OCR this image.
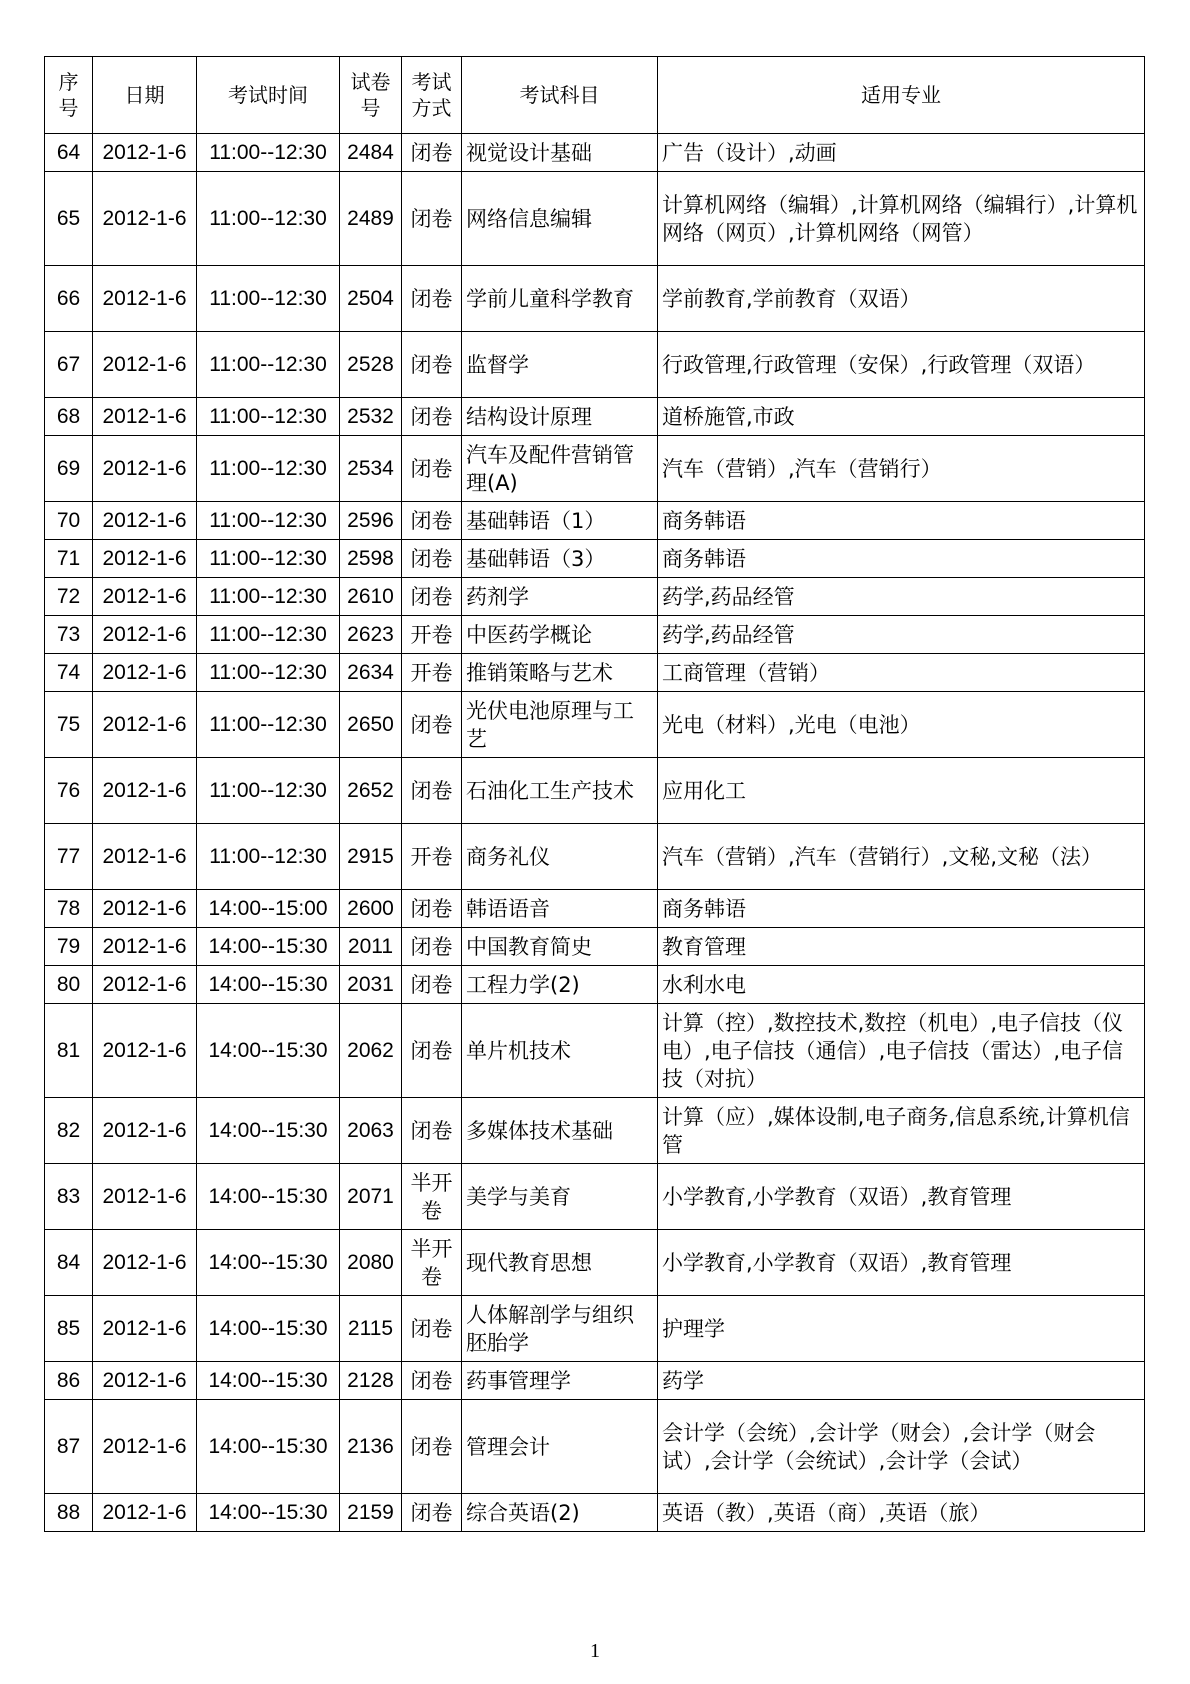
序号	日期	考试时间	试卷号	考试方式	考试科目	适用专业
64	2012-1-6	11:00--12:30	2484	闭卷	视觉设计基础	广告（设计）,动画
65	2012-1-6	11:00--12:30	2489	闭卷	网络信息编辑	计算机网络（编辑）,计算机网络（编辑行）,计算机网络（网页）,计算机网络（网管）
66	2012-1-6	11:00--12:30	2504	闭卷	学前儿童科学教育	学前教育,学前教育（双语）
67	2012-1-6	11:00--12:30	2528	闭卷	监督学	行政管理,行政管理（安保）,行政管理（双语）
68	2012-1-6	11:00--12:30	2532	闭卷	结构设计原理	道桥施管,市政
69	2012-1-6	11:00--12:30	2534	闭卷	汽车及配件营销管理(A)	汽车（营销）,汽车（营销行）
70	2012-1-6	11:00--12:30	2596	闭卷	基础韩语（1）	商务韩语
71	2012-1-6	11:00--12:30	2598	闭卷	基础韩语（3）	商务韩语
72	2012-1-6	11:00--12:30	2610	闭卷	药剂学	药学,药品经管
73	2012-1-6	11:00--12:30	2623	开卷	中医药学概论	药学,药品经管
74	2012-1-6	11:00--12:30	2634	开卷	推销策略与艺术	工商管理（营销）
75	2012-1-6	11:00--12:30	2650	闭卷	光伏电池原理与工艺	光电（材料）,光电（电池）
76	2012-1-6	11:00--12:30	2652	闭卷	石油化工生产技术	应用化工
77	2012-1-6	11:00--12:30	2915	开卷	商务礼仪	汽车（营销）,汽车（营销行）,文秘,文秘（法）
78	2012-1-6	14:00--15:00	2600	闭卷	韩语语音	商务韩语
79	2012-1-6	14:00--15:30	2011	闭卷	中国教育简史	教育管理
80	2012-1-6	14:00--15:30	2031	闭卷	工程力学(2)	水利水电
81	2012-1-6	14:00--15:30	2062	闭卷	单片机技术	计算（控）,数控技术,数控（机电）,电子信技（仪电）,电子信技（通信）,电子信技（雷达）,电子信技（对抗）
82	2012-1-6	14:00--15:30	2063	闭卷	多媒体技术基础	计算（应）,媒体设制,电子商务,信息系统,计算机信管
83	2012-1-6	14:00--15:30	2071	半开卷	美学与美育	小学教育,小学教育（双语）,教育管理
84	2012-1-6	14:00--15:30	2080	半开卷	现代教育思想	小学教育,小学教育（双语）,教育管理
85	2012-1-6	14:00--15:30	2115	闭卷	人体解剖学与组织胚胎学	护理学
86	2012-1-6	14:00--15:30	2128	闭卷	药事管理学	药学
87	2012-1-6	14:00--15:30	2136	闭卷	管理会计	会计学（会统）,会计学（财会）,会计学（财会试）,会计学（会统试）,会计学（会试）
88	2012-1-6	14:00--15:30	2159	闭卷	综合英语(2)	英语（教）,英语（商）,英语（旅）
1
